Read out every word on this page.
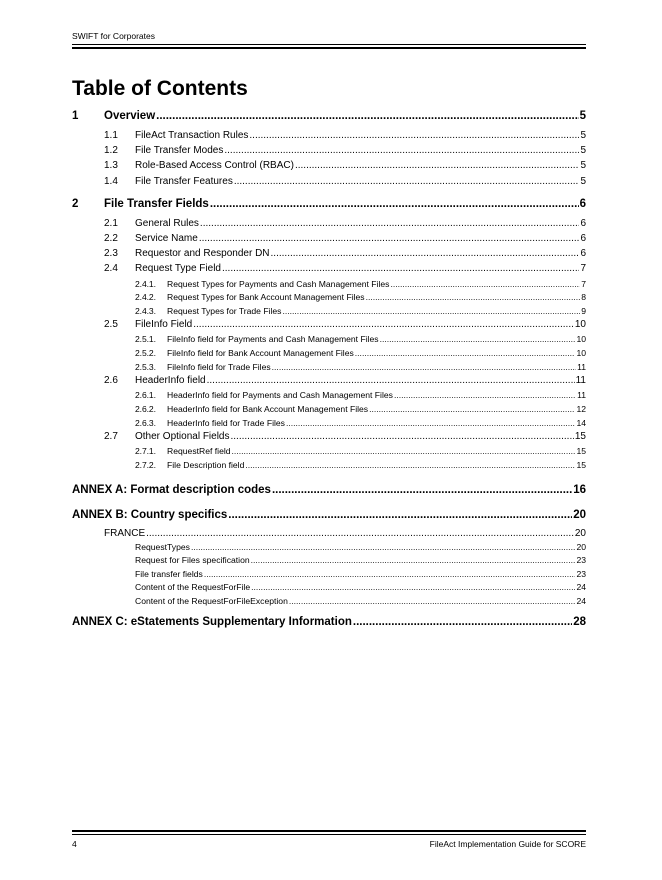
SWIFT for Corporates
Table of Contents
1	Overview .....	5
1.1	FileAct Transaction Rules .....	5
1.2	File Transfer Modes .....	5
1.3	Role-Based Access Control (RBAC) .....	5
1.4	File Transfer Features .....	5
2	File Transfer Fields .....	6
2.1	General Rules .....	6
2.2	Service Name .....	6
2.3	Requestor and Responder DN .....	6
2.4	Request Type Field .....	7
2.4.1.	Request Types for Payments and Cash Management Files .....	7
2.4.2.	Request Types for Bank Account Management Files .....	8
2.4.3.	Request Types for Trade Files .....	9
2.5	FileInfo Field .....	10
2.5.1.	FileInfo field for Payments and Cash Management Files .....	10
2.5.2.	FileInfo field for Bank Account Management Files .....	10
2.5.3.	FileInfo field for Trade Files .....	11
2.6	HeaderInfo field .....	11
2.6.1.	HeaderInfo field for Payments and Cash Management Files .....	11
2.6.2.	HeaderInfo field for Bank Account Management Files .....	12
2.6.3.	HeaderInfo field for Trade Files .....	14
2.7	Other Optional Fields .....	15
2.7.1.	RequestRef field .....	15
2.7.2.	File Description field .....	15
ANNEX A: Format description codes .....	16
ANNEX B: Country specifics .....	20
FRANCE .....	20
RequestTypes .....	20
Request for Files specification .....	23
File transfer fields .....	23
Content of the RequestForFile .....	24
Content of the RequestForFileException .....	24
ANNEX C: eStatements Supplementary Information .....	28
4	FileAct Implementation Guide for SCORE
